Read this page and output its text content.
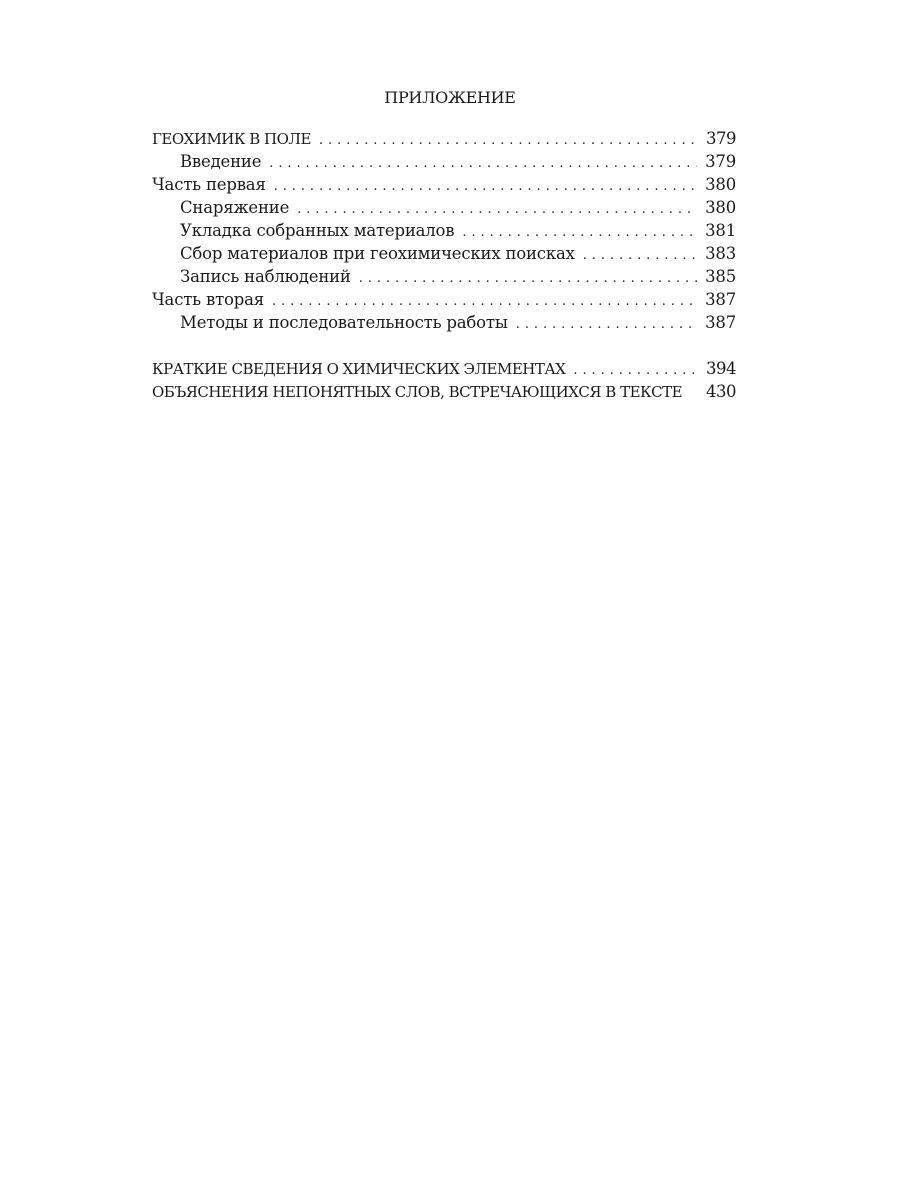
ПРИЛОЖЕНИЕ
ГЕОХИМИК В ПОЛЕ . . .	379
Введение . . .	379
Часть первая . . .	380
Снаряжение . . .	380
Укладка собранных материалов . . .	381
Сбор материалов при геохимических поисках . . .	383
Запись наблюдений . . .	385
Часть вторая . . .	387
Методы и последовательность работы . . .	387
КРАТКИЕ СВЕДЕНИЯ О ХИМИЧЕСКИХ ЭЛЕМЕНТАХ . . .	394
ОБЪЯСНЕНИЯ НЕПОНЯТНЫХ СЛОВ, ВСТРЕЧАЮЩИХСЯ В ТЕКСТЕ 430
